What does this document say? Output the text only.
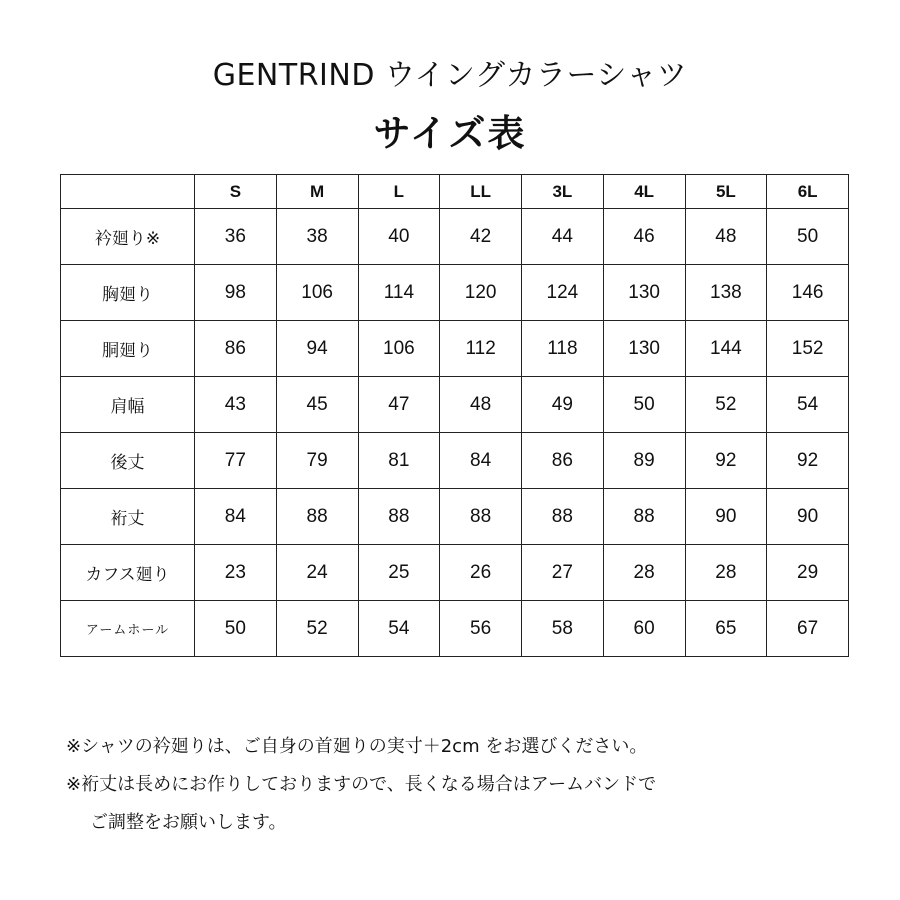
GENTRIND ウイングカラーシャツ
サイズ表
	S	M	L	LL	3L	4L	5L	6L
衿廻り※	36	38	40	42	44	46	48	50
胸廻り	98	106	114	120	124	130	138	146
胴廻り	86	94	106	112	118	130	144	152
肩幅	43	45	47	48	49	50	52	54
後丈	77	79	81	84	86	89	92	92
裄丈	84	88	88	88	88	88	90	90
カフス廻り	23	24	25	26	27	28	28	29
アームホール	50	52	54	56	58	60	65	67
※シャツの衿廻りは、ご自身の首廻りの実寸＋2cm をお選びください。
※裄丈は長めにお作りしておりますので、長くなる場合はアームバンドで
ご調整をお願いします。
